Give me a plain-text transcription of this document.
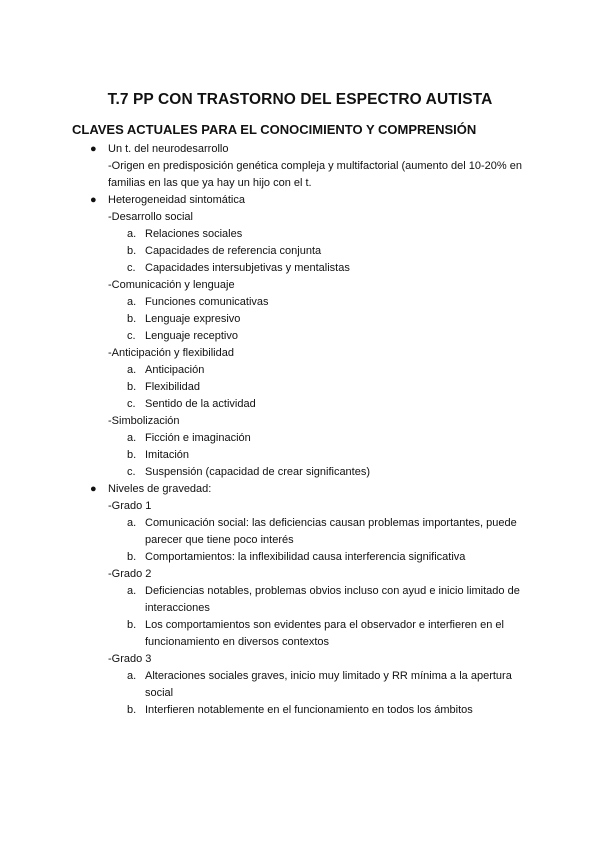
T.7 PP CON TRASTORNO DEL ESPECTRO AUTISTA
CLAVES ACTUALES PARA EL CONOCIMIENTO Y COMPRENSIÓN
● Un t. del neurodesarrollo
-Origen en predisposición genética compleja y multifactorial (aumento del 10-20% en
familias en las que ya hay un hijo con el t.
● Heterogeneidad sintomática
-Desarrollo social
a. Relaciones sociales
b. Capacidades de referencia conjunta
c. Capacidades intersubjetivas y mentalistas
-Comunicación y lenguaje
a. Funciones comunicativas
b. Lenguaje expresivo
c. Lenguaje receptivo
-Anticipación y flexibilidad
a. Anticipación
b. Flexibilidad
c. Sentido de la actividad
-Simbolización
a. Ficción e imaginación
b. Imitación
c. Suspensión (capacidad de crear significantes)
● Niveles de gravedad:
-Grado 1
a. Comunicación social: las deficiencias causan problemas importantes, puede
parecer que tiene poco interés
b. Comportamientos: la inflexibilidad causa interferencia significativa
-Grado 2
a. Deficiencias notables, problemas obvios incluso con ayud e inicio limitado de
interacciones
b. Los comportamientos son evidentes para el observador e interfieren en el
funcionamiento en diversos contextos
-Grado 3
a. Alteraciones sociales graves, inicio muy limitado y RR mínima a la apertura
social
b. Interfieren notablemente en el funcionamiento en todos los ámbitos
